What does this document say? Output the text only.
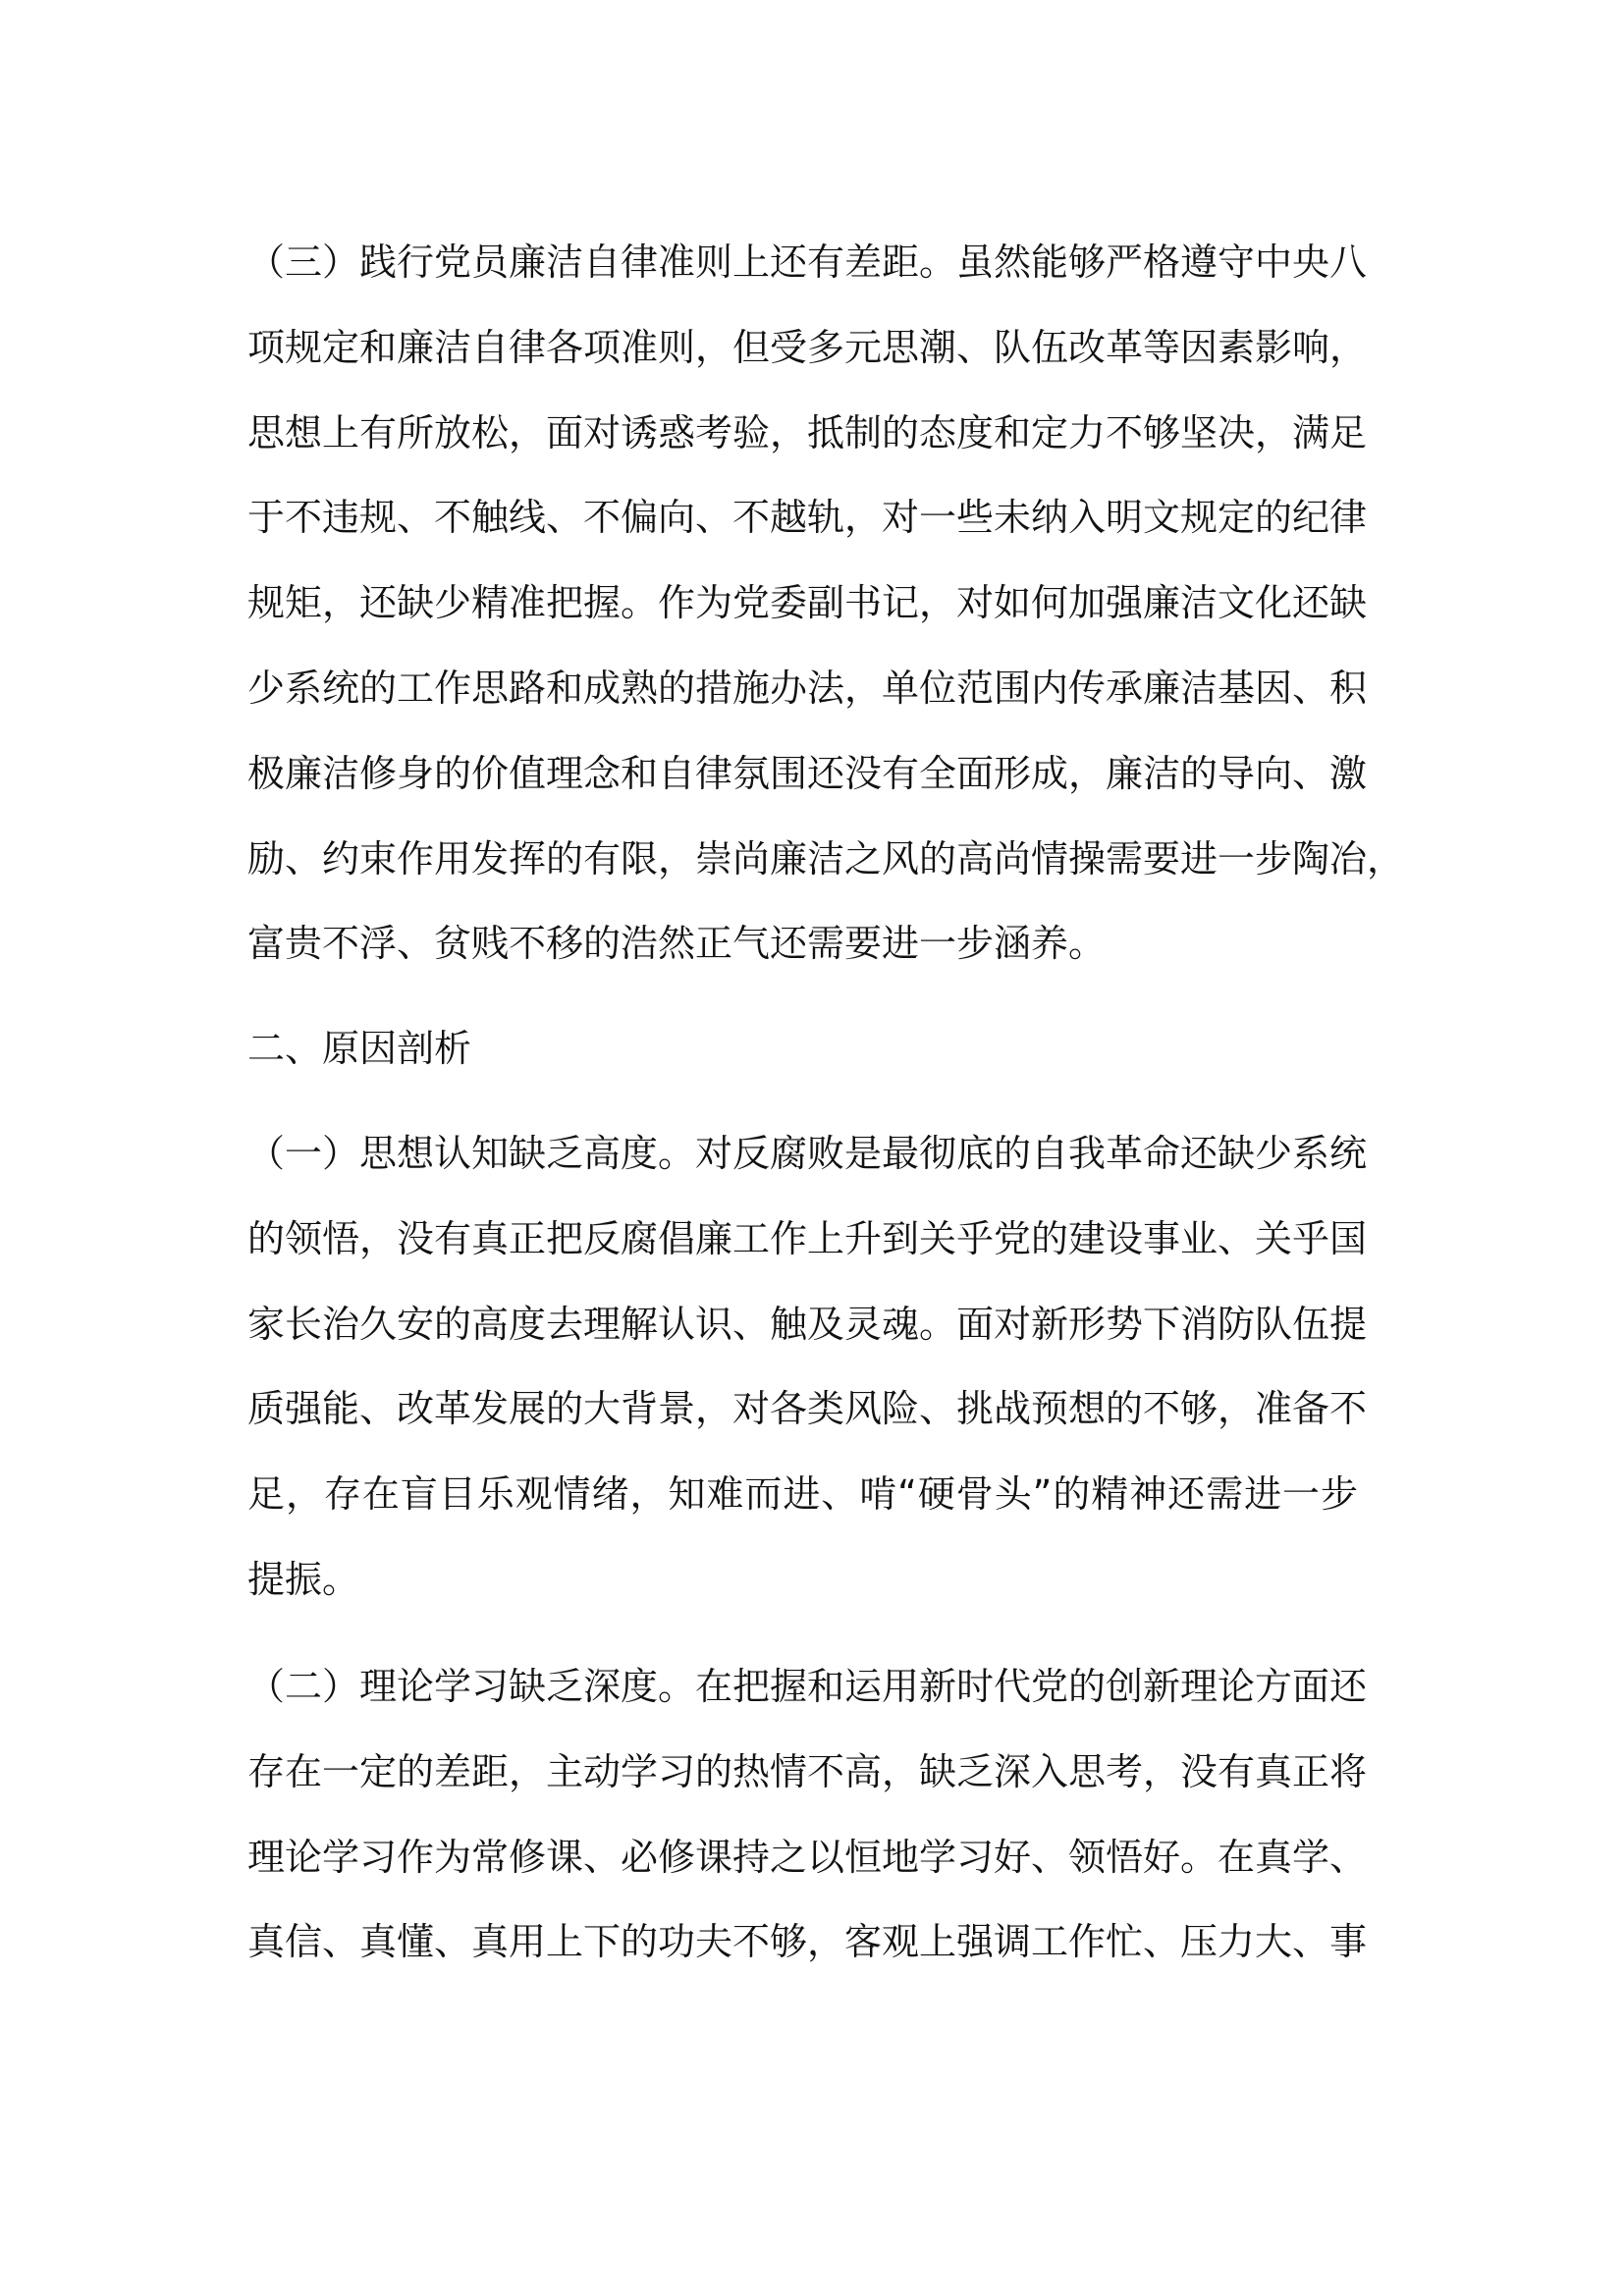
（三）践行党员廉洁自律准则上还有差距。虽然能够严格遵守中央八
项规定和廉洁自律各项准则，但受多元思潮、队伍改革等因素影响，
思想上有所放松，面对诱惑考验，抵制的态度和定力不够坚决，满足
于不违规、不触线、不偏向、不越轨，对一些未纳入明文规定的纪律
规矩，还缺少精准把握。作为党委副书记，对如何加强廉洁文化还缺
少系统的工作思路和成熟的措施办法，单位范围内传承廉洁基因、积
极廉洁修身的价值理念和自律氛围还没有全面形成，廉洁的导向、激
励、约束作用发挥的有限，崇尚廉洁之风的高尚情操需要进一步陶冶，
富贵不浮、贫贱不移的浩然正气还需要进一步涵养。
二、原因剖析
（一）思想认知缺乏高度。对反腐败是最彻底的自我革命还缺少系统
的领悟，没有真正把反腐倡廉工作上升到关乎党的建设事业、关乎国
家长治久安的高度去理解认识、触及灵魂。面对新形势下消防队伍提
质强能、改革发展的大背景，对各类风险、挑战预想的不够，准备不
足，存在盲目乐观情绪，知难而进、啃“硬骨头”的精神还需进一步
提振。
（二）理论学习缺乏深度。在把握和运用新时代党的创新理论方面还
存在一定的差距，主动学习的热情不高，缺乏深入思考，没有真正将
理论学习作为常修课、必修课持之以恒地学习好、领悟好。在真学、
真信、真懂、真用上下的功夫不够，客观上强调工作忙、压力大、事
